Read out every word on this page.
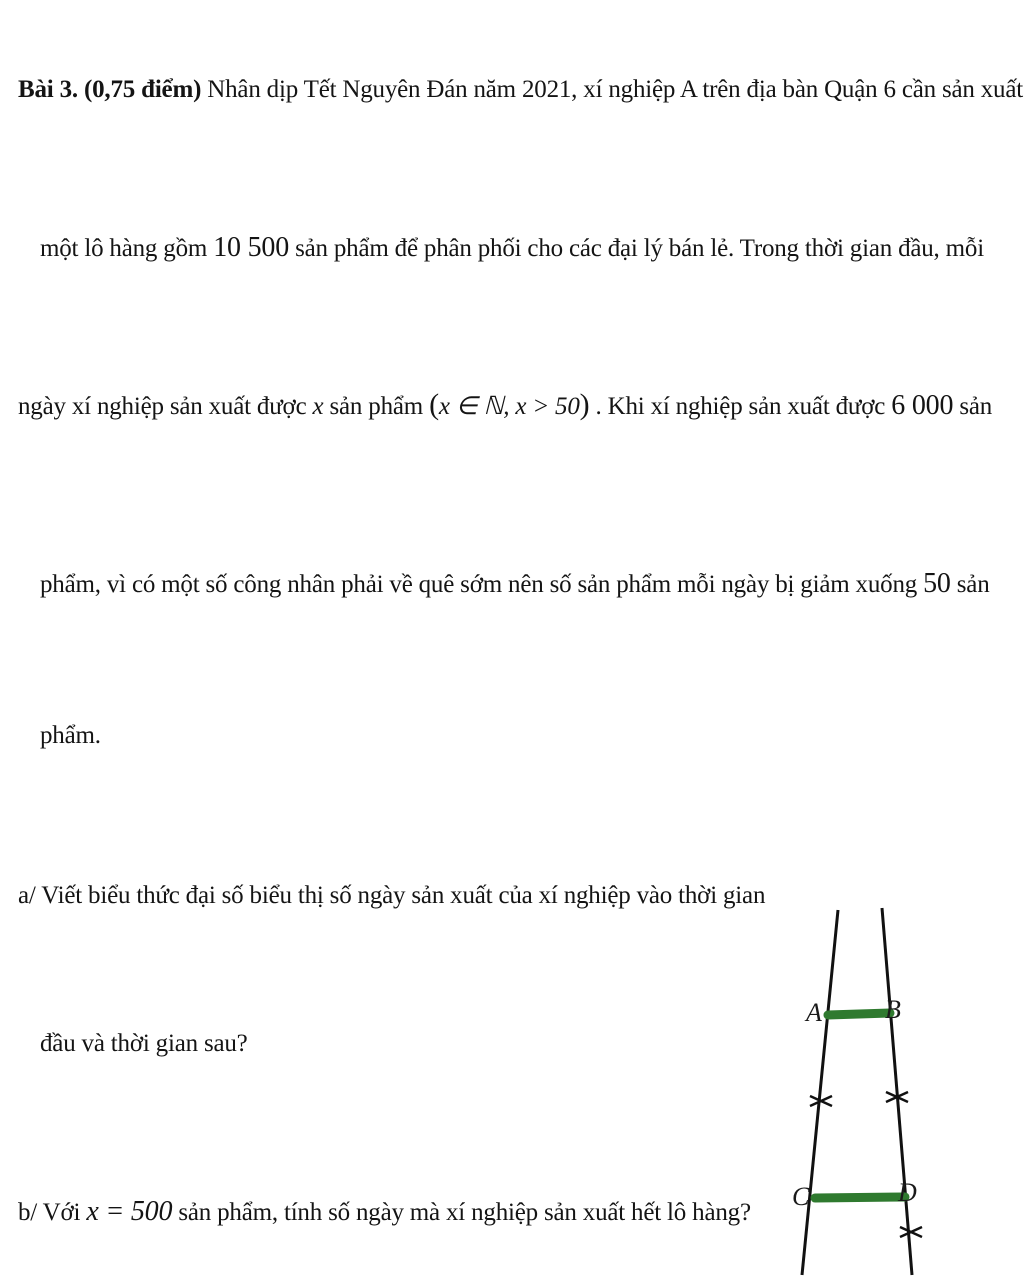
Bài 3. (0,75 điểm) Nhân dịp Tết Nguyên Đán năm 2021, xí nghiệp A trên địa bàn Quận 6 cần sản xuất
một lô hàng gồm 10 500 sản phẩm để phân phối cho các đại lý bán lẻ. Trong thời gian đầu, mỗi
ngày xí nghiệp sản xuất được x sản phẩm (x ∈ ℕ, x > 50) . Khi xí nghiệp sản xuất được 6 000 sản
phẩm, vì có một số công nhân phải về quê sớm nên số sản phẩm mỗi ngày bị giảm xuống 50 sản
phẩm.
a/ Viết biểu thức đại số biểu thị số ngày sản xuất của xí nghiệp vào thời gian
đầu và thời gian sau?
b/ Với x = 500 sản phẩm, tính số ngày mà xí nghiệp sản xuất hết lô hàng?
A B
C	D
